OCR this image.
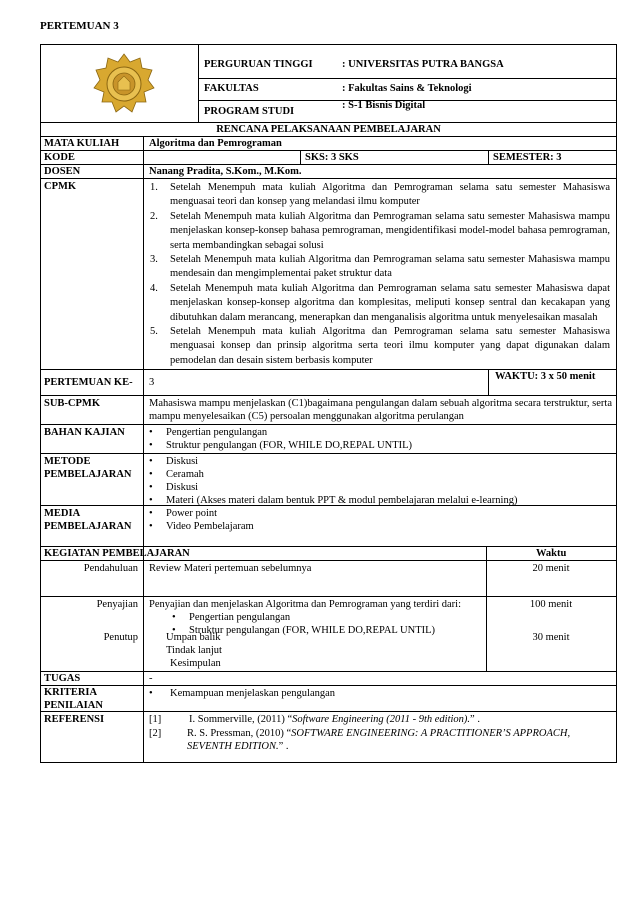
PERTEMUAN 3
PERGURUAN TINGGI	: UNIVERSITAS PUTRA BANGSA
FAKULTAS	: Fakultas Sains & Teknologi
PROGRAM STUDI
: S-1 Bisnis Digital
RENCANA PELAKSANAAN PEMBELAJARAN
MATA KULIAH	Algoritma dan Pemrograman
KODE	SKS: 3 SKS	SEMESTER: 3
DOSEN	Nanang Pradita, S.Kom., M.Kom.
CPMK	1. Setelah Menempuh mata kuliah Algoritma dan Pemrograman selama satu semester Mahasiswa menguasai teori dan konsep yang melandasi ilmu komputer
2. Setelah Menempuh mata kuliah Algoritma dan Pemrograman selama satu semester Mahasiswa mampu menjelaskan konsep-konsep bahasa pemrograman, mengidentifikasi model-model bahasa pemrograman, serta membandingkan sebagai solusi
3. Setelah Menempuh mata kuliah Algoritma dan Pemrograman selama satu semester Mahasiswa mampu mendesain dan mengimplementai paket struktur data
4. Setelah Menempuh mata kuliah Algoritma dan Pemrograman selama satu semester Mahasiswa dapat menjelaskan konsep-konsep algoritma dan komplesitas, meliputi konsep sentral dan kecakapan yang dibutuhkan dalam merancang, menerapkan dan menganalisis algoritma untuk menyelesaikan masalah
5. Setelah Menempuh mata kuliah Algoritma dan Pemrograman selama satu semester Mahasiswa menguasai konsep dan prinsip algoritma serta teori ilmu komputer yang dapat digunakan dalam pemodelan dan desain sistem berbasis komputer
PERTEMUAN KE- 3
WAKTU: 3 x 50 menit
SUB-CPMK	Mahasiswa mampu menjelaskan (C1)bagaimana pengulangan dalam sebuah algoritma secara terstruktur, serta mampu menyelesaikan (C5) persoalan menggunakan algoritma perulangan
BAHAN KAJIAN
•	Pengertian pengulangan
• Struktur pengulangan (FOR, WHILE DO,REPAL UNTIL)
METODE
PEMBELAJARAN
• Diskusi
• Ceramah
• Diskusi
• Materi (Akses materi dalam bentuk PPT & modul pembelajaran melalui e-learning)
MEDIA
PEMBELAJARAN
• Power point
• Video Pembelajaram
KEGIATAN PEMBELAJARAN	Waktu
Pendahuluan Review Materi pertemuan sebelumnya	20 menit
Penyajian Penyajian dan menjelaskan Algoritma dan Pemrograman yang terdiri dari:
• Pengertian pengulangan
• Struktur pengulangan (FOR, WHILE DO,REPAL UNTIL)
100 menit
Penutup	Umpan balik
Tindak lanjut
Kesimpulan
30 menit
TUGAS	-
KRITERIA
PENILAIAN
• Kemampuan menjelaskan pengulangan
REFERENSI	[1]	I. Sommerville, (2011) “Software Engineering (2011 - 9th edition).” .
[2]	R. S. Pressman, (2010) “SOFTWARE ENGINEERING: A PRACTITIONER’S APPROACH, SEVENTH EDITION.” .
